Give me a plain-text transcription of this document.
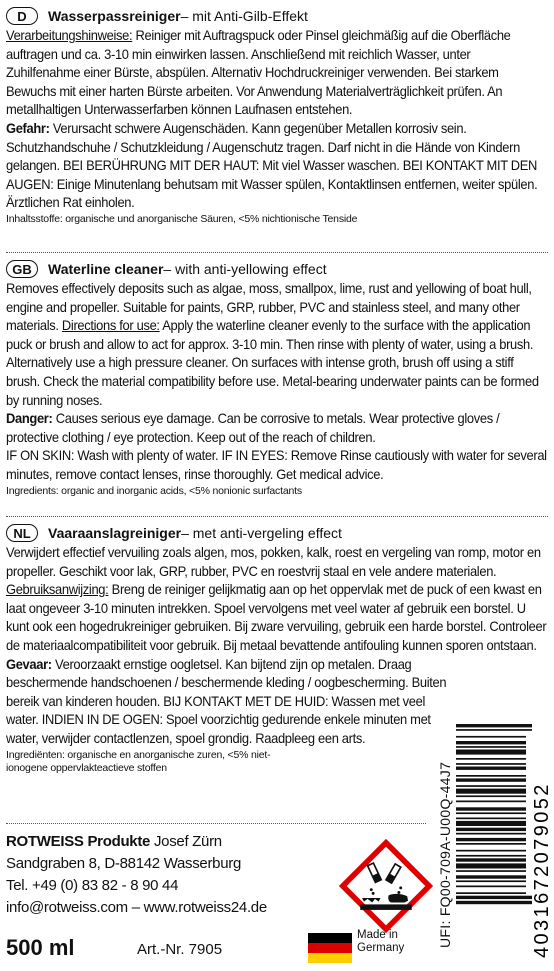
D	Wasserpassreiniger – mit Anti-Gilb-Effekt

Verarbeitungshinweise: Reiniger mit Auftragspuck oder Pinsel gleichmäßig auf die Oberfläche auftragen und ca. 3-10 min einwirken lassen. Anschließend mit reichlich Wasser, unter Zuhilfenahme einer Bürste, abspülen. Alternativ Hochdruckreiniger verwenden. Bei starkem Bewuchs mit einer harten Bürste arbeiten. Vor Anwendung Materialverträglichkeit prüfen. An metallhaltigen Unterwasserfarben können Laufnasen entstehen.

Gefahr: Verursacht schwere Augenschäden. Kann gegenüber Metallen korrosiv sein. Schutzhandschuhe / Schutzkleidung / Augenschutz tragen. Darf nicht in die Hände von Kindern gelangen. BEI BERÜHRUNG MIT DER HAUT: Mit viel Wasser waschen. BEI KONTAKT MIT DEN AUGEN: Einige Minutenlang behutsam mit Wasser spülen, Kontaktlinsen entfernen, weiter spülen. Ärztlichen Rat einholen.

Inhaltsstoffe: organische und anorganische Säuren, <5% nichtionische Tenside

GB	Waterline cleaner – with anti-yellowing effect

Removes effectively deposits such as algae, moss, smallpox, lime, rust and yellowing of boat hull, engine and propeller. Suitable for paints, GRP, rubber, PVC and stainless steel, and many other materials. Directions for use: Apply the waterline cleaner evenly to the surface with the application puck or brush and allow to act for approx. 3-10 min. Then rinse with plenty of water, using a brush. Alternatively use a high pressure cleaner. On surfaces with intense groth, brush off using a stiff brush. Check the material compatibility before use. Metal-bearing underwater paints can be formed by running noses.

Danger: Causes serious eye damage. Can be corrosive to metals. Wear protective gloves / protective clothing / eye protection. Keep out of the reach of children.

IF ON SKIN: Wash with plenty of water. IF IN EYES: Remove Rinse cautiously with water for several minutes, remove contact lenses, rinse thoroughly. Get medical advice.

Ingredients: organic and inorganic acids, <5% nonionic surfactants

NL	Vaaraanslagreiniger – met anti-vergeling effect

Verwijdert effectief vervuiling zoals algen, mos, pokken, kalk, roest en vergeling van romp, motor en propeller. Geschikt voor lak, GRP, rubber, PVC en roestvrij staal en vele andere materialen. Gebruiksanwijzing: Breng de reiniger gelijkmatig aan op het oppervlak met de puck of een kwast en laat ongeveer 3-10 minuten intrekken. Spoel vervolgens met veel water af gebruik een borstel. U kunt ook een hogedrukreiniger gebruiken. Bij zware vervuiling, gebruik een harde borstel. Controleer de materiaalcompatibiliteit voor gebruik. Bij metaal bevattende antifouling kunnen sporen ontstaan.

Gevaar: Veroorzaakt ernstige oogletsel. Kan bijtend zijn op metalen. Draag beschermende handschoenen / beschermende kleding / oogbescherming. Buiten bereik van kinderen houden. BIJ KONTAKT MET DE HUID: Wassen met veel water. INDIEN IN DE OGEN: Spoel voorzichtig gedurende enkele minuten met water, verwijder contactlenzen, spoel grondig. Raadpleeg een arts.

Ingrediënten: organische en anorganische zuren, <5% niet-ionogene oppervlakteactieve stoffen

ROTWEISS Produkte Josef Zürn
Sandgraben 8, D-88142 Wasserburg
Tel. +49 (0) 83 82 - 8 90 44
info@rotweiss.com – www.rotweiss24.de
500 ml	Art.-Nr. 7905
Made in
Germany UFI: FQ00-709A-U00Q-44J7	4031672079052
